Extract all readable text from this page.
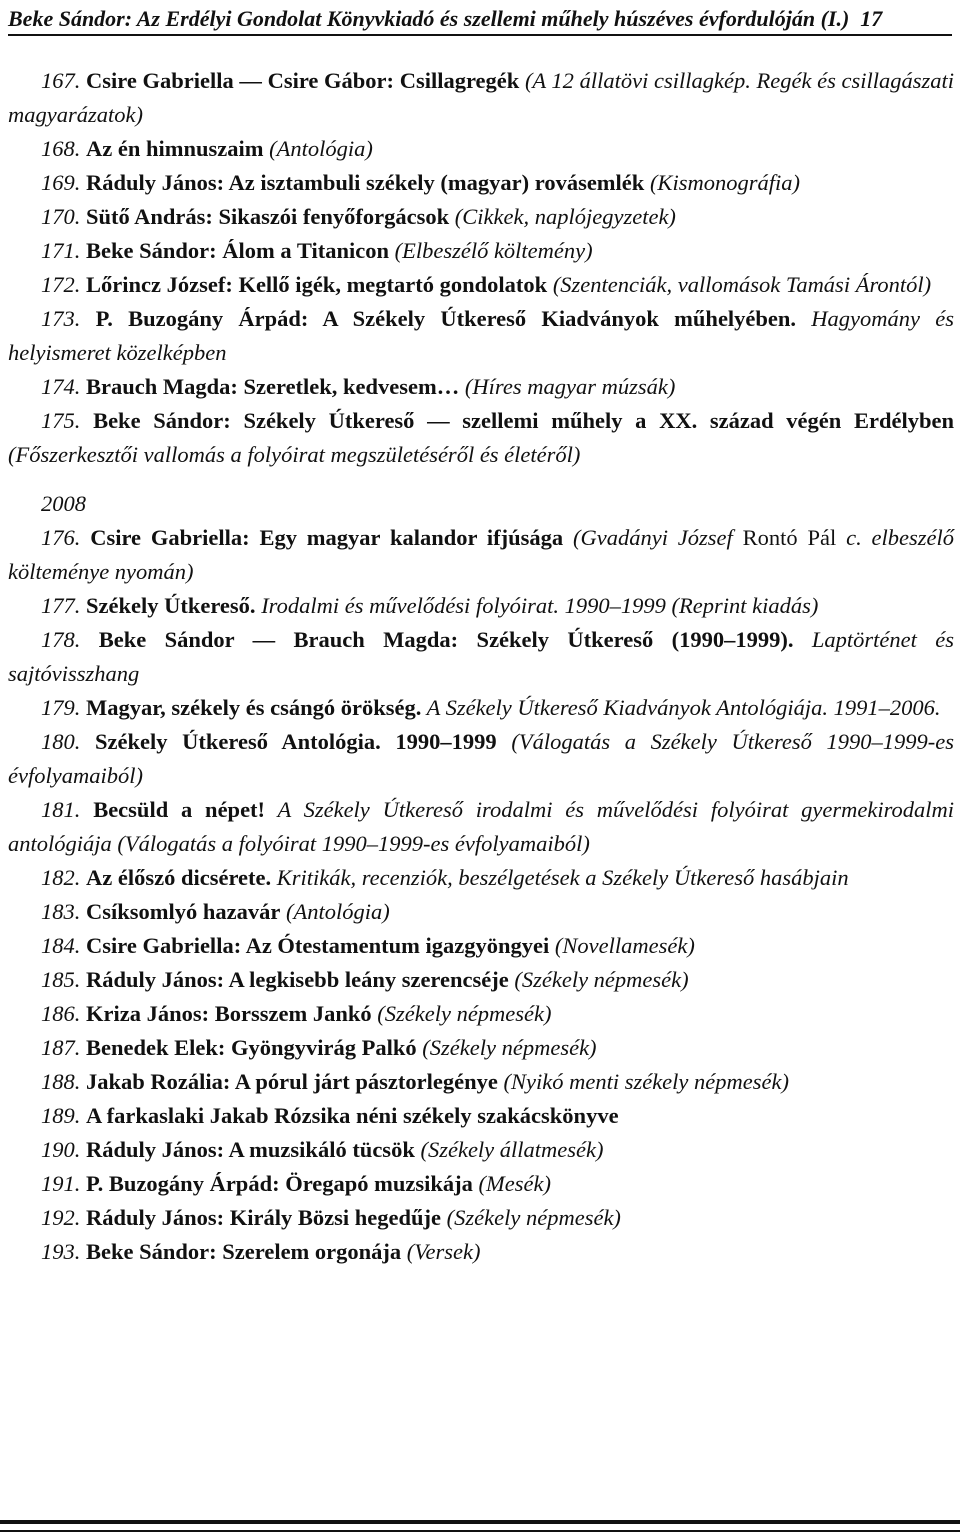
Beke Sándor: Az Erdélyi Gondolat Könyvkiadó és szellemi műhely húszéves évfordulóján (I.) 17

167. Csire Gabriella — Csire Gábor: Csillagregék (A 12 állatövi csillagkép. Regék és csillagászati magyarázatok)

168. Az én himnuszaim (Antológia)

169. Ráduly János: Az isztambuli székely (magyar) rovásemlék (Kismonográfia)

170. Sütő András: Sikaszói fenyőforgácsok (Cikkek, naplójegyzetek)

171. Beke Sándor: Álom a Titanicon (Elbeszélő költemény)

172. Lőrincz József: Kellő igék, megtartó gondolatok (Szentenciák, vallomások Tamási Árontól)

173. P. Buzogány Árpád: A Székely Útkereső Kiadványok műhelyében. Hagyomány és helyismeret közelképben

174. Brauch Magda: Szeretlek, kedvesem… (Híres magyar múzsák)

175. Beke Sándor: Székely Útkereső — szellemi műhely a XX. század végén Erdélyben (Főszerkesztői vallomás a folyóirat megszületéséről és életéről)

2008

176. Csire Gabriella: Egy magyar kalandor ifjúsága (Gvadányi József Rontó Pál c. elbeszélő költeménye nyomán)

177. Székely Útkereső. Irodalmi és művelődési folyóirat. 1990–1999 (Reprint kiadás)

178. Beke Sándor — Brauch Magda: Székely Útkereső (1990–1999). Laptörténet és sajtóvisszhang

179. Magyar, székely és csángó örökség. A Székely Útkereső Kiadványok Antológiája. 1991–2006.

180. Székely Útkereső Antológia. 1990–1999 (Válogatás a Székely Útkereső 1990–1999-es évfolyamaiból)

181. Becsüld a népet! A Székely Útkereső irodalmi és művelődési folyóirat gyermekirodalmi antológiája (Válogatás a folyóirat 1990–1999-es évfolyamaiból)

182. Az élőszó dicsérete. Kritikák, recenziók, beszélgetések a Székely Útkereső hasábjain

183. Csíksomlyó hazavár (Antológia)

184. Csire Gabriella: Az Ótestamentum igazgyöngyei (Novellamesék)

185. Ráduly János: A legkisebb leány szerencséje (Székely népmesék)

186. Kriza János: Borsszem Jankó (Székely népmesék)

187. Benedek Elek: Gyöngyvirág Palkó (Székely népmesék)

188. Jakab Rozália: A pórul járt pásztorlegénye (Nyikó menti székely népmesék)

189. A farkaslaki Jakab Rózsika néni székely szakácskönyve

190. Ráduly János: A muzsikáló tücsök (Székely állatmesék)

191. P. Buzogány Árpád: Öregapó muzsikája (Mesék)

192. Ráduly János: Király Bözsi hegedűje (Székely népmesék)

193. Beke Sándor: Szerelem orgonája (Versek)
